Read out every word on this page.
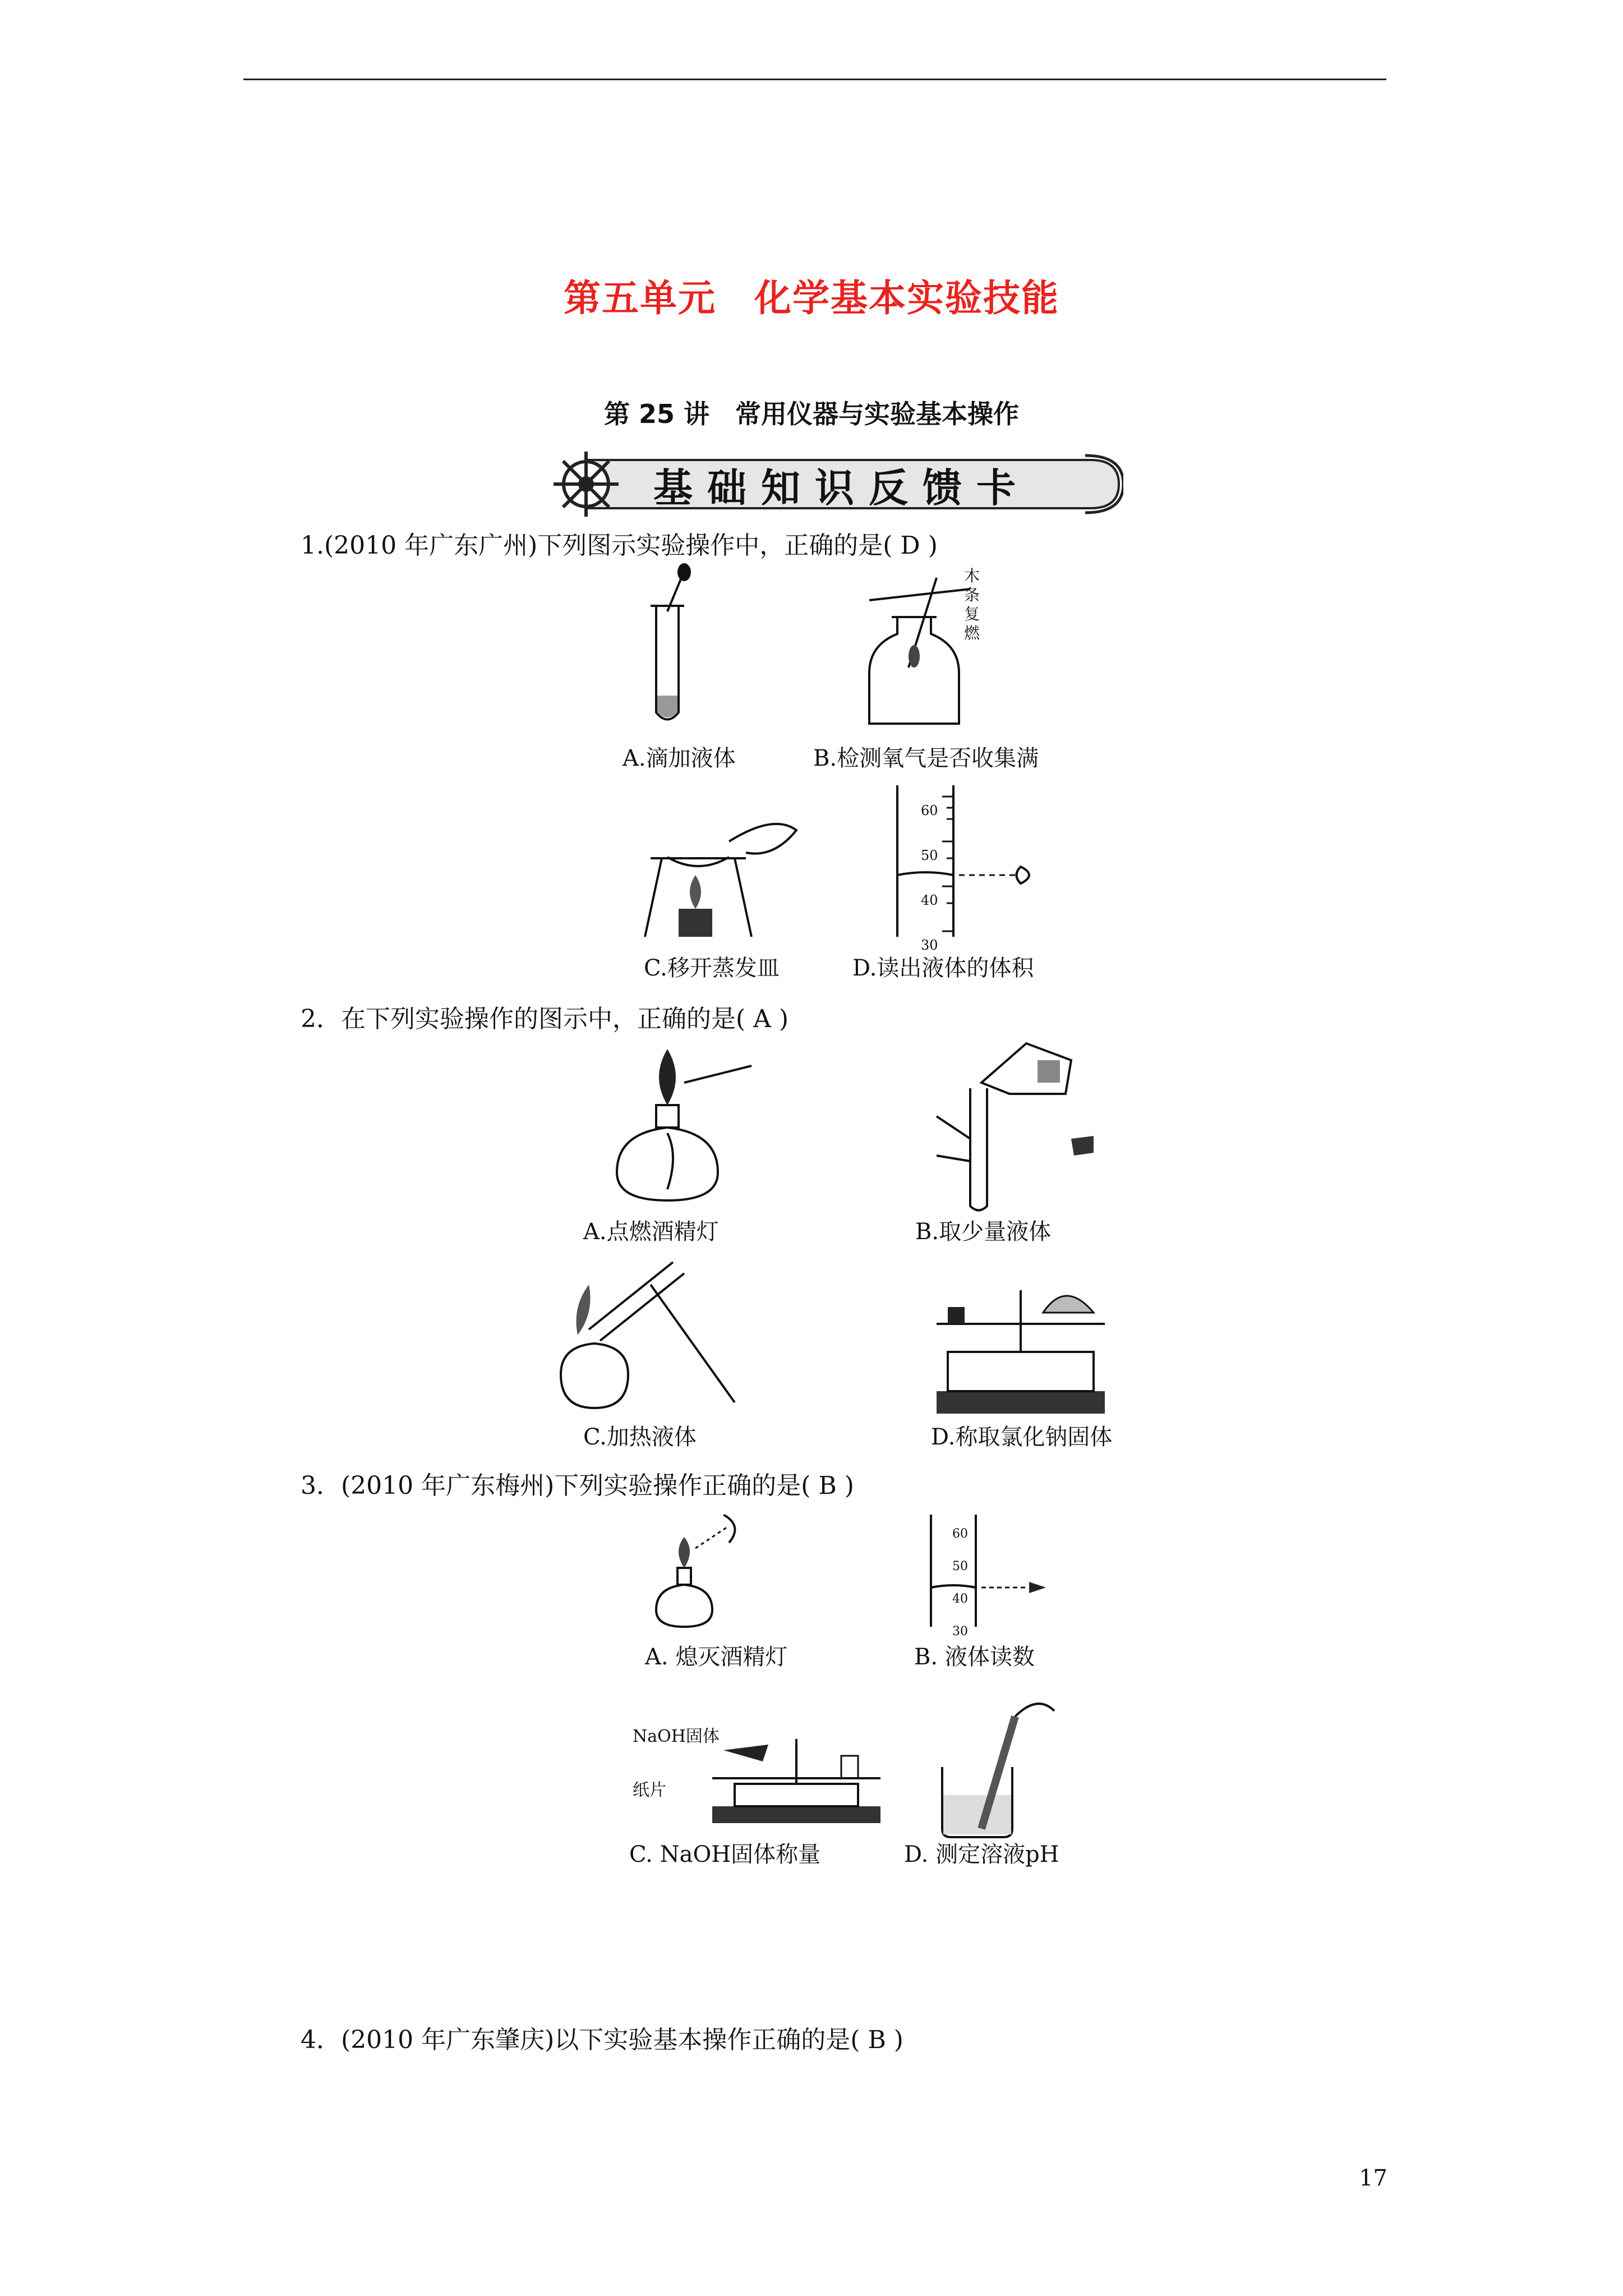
第五单元　化学基本实验技能
第 25 讲　常用仪器与实验基本操作
基础知识反馈卡
1.(2010 年广东广州)下列图示实验操作中，正确的是( D )
木
条
复
燃
A.滴加液体	B.检测氧气是否收集满
60
50
40
30
C.移开蒸发皿	D.读出液体的体积
2．在下列实验操作的图示中，正确的是( A )
A.点燃酒精灯	B.取少量液体
C.加热液体	D.称取氯化钠固体
3．(2010 年广东梅州)下列实验操作正确的是( B )
60
50
40
30
A. 熄灭酒精灯	B. 液体读数
NaOH固体
纸片
C. NaOH固体称量	D. 测定溶液pH
4．(2010 年广东肇庆)以下实验基本操作正确的是( B )
17
